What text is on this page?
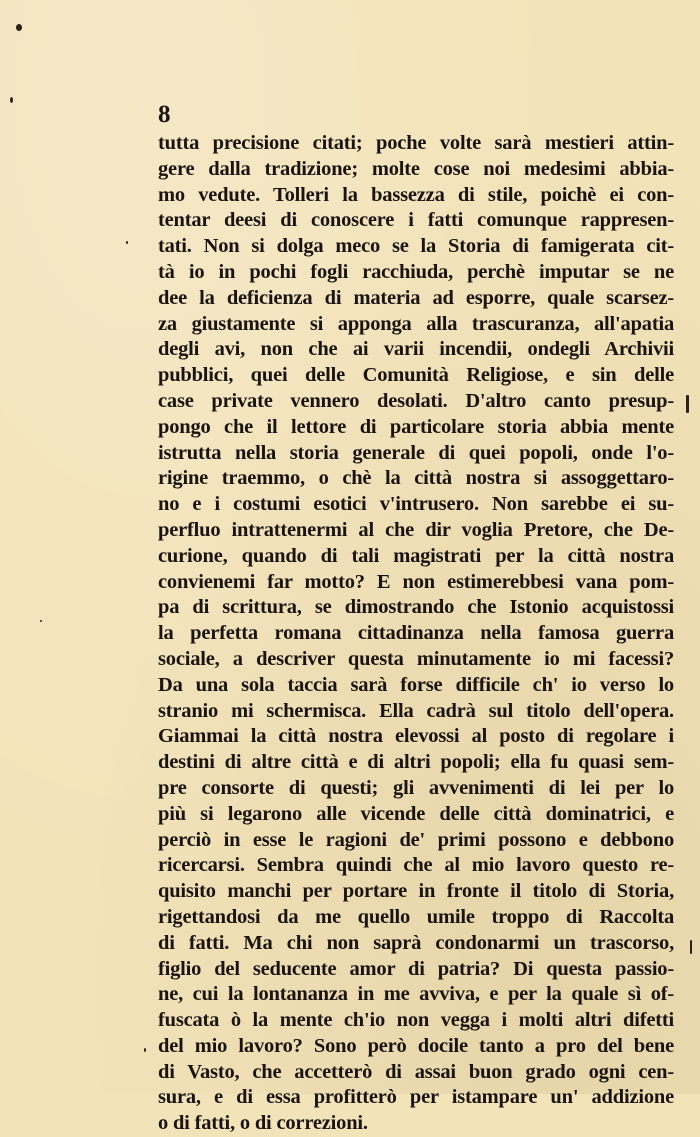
8
tutta precisione citati; poche volte sarà mestieri attin-
gere dalla tradizione; molte cose noi medesimi abbia-
mo vedute. Tolleri la bassezza di stile, poichè ei con-
tentar deesi di conoscere i fatti comunque rappresen-
tati. Non si dolga meco se la Storia di famigerata cit-
tà io in pochi fogli racchiuda, perchè imputar se ne
dee la deficienza di materia ad esporre, quale scarsez-
za giustamente si apponga alla trascuranza, all'apatia
degli avi, non che ai varii incendii, ondegli Archivii
pubblici, quei delle Comunità Religiose, e sin delle
case private vennero desolati. D'altro canto presup-
pongo che il lettore di particolare storia abbia mente
istrutta nella storia generale di quei popoli, onde l'o-
rigine traemmo, o chè la città nostra si assoggettaro-
no e i costumi esotici v'intrusero. Non sarebbe ei su-
perfluo intrattenermi al che dir voglia Pretore, che De-
curione, quando di tali magistrati per la città nostra
convienemi far motto? E non estimerebbesi vana pom-
pa di scrittura, se dimostrando che Istonio acquistossi
la perfetta romana cittadinanza nella famosa guerra
sociale, a descriver questa minutamente io mi facessi?
Da una sola taccia sarà forse difficile ch' io verso lo
stranio mi schermisca. Ella cadrà sul titolo dell'opera.
Giammai la città nostra elevossi al posto di regolare i
destini di altre città e di altri popoli; ella fu quasi sem-
pre consorte di questi; gli avvenimenti di lei per lo
più si legarono alle vicende delle città dominatrici, e
perciò in esse le ragioni de' primi possono e debbono
ricercarsi. Sembra quindi che al mio lavoro questo re-
quisito manchi per portare in fronte il titolo di Storia,
rigettandosi da me quello umile troppo di Raccolta
di fatti. Ma chi non saprà condonarmi un trascorso,
figlio del seducente amor di patria? Di questa passio-
ne, cui la lontananza in me avviva, e per la quale sì of-
fuscata ò la mente ch'io non vegga i molti altri difetti
del mio lavoro? Sono però docile tanto a pro del bene
di Vasto, che accetterò di assai buon grado ogni cen-
sura, e di essa profitterò per istampare un' addizione
o di fatti, o di correzioni.
